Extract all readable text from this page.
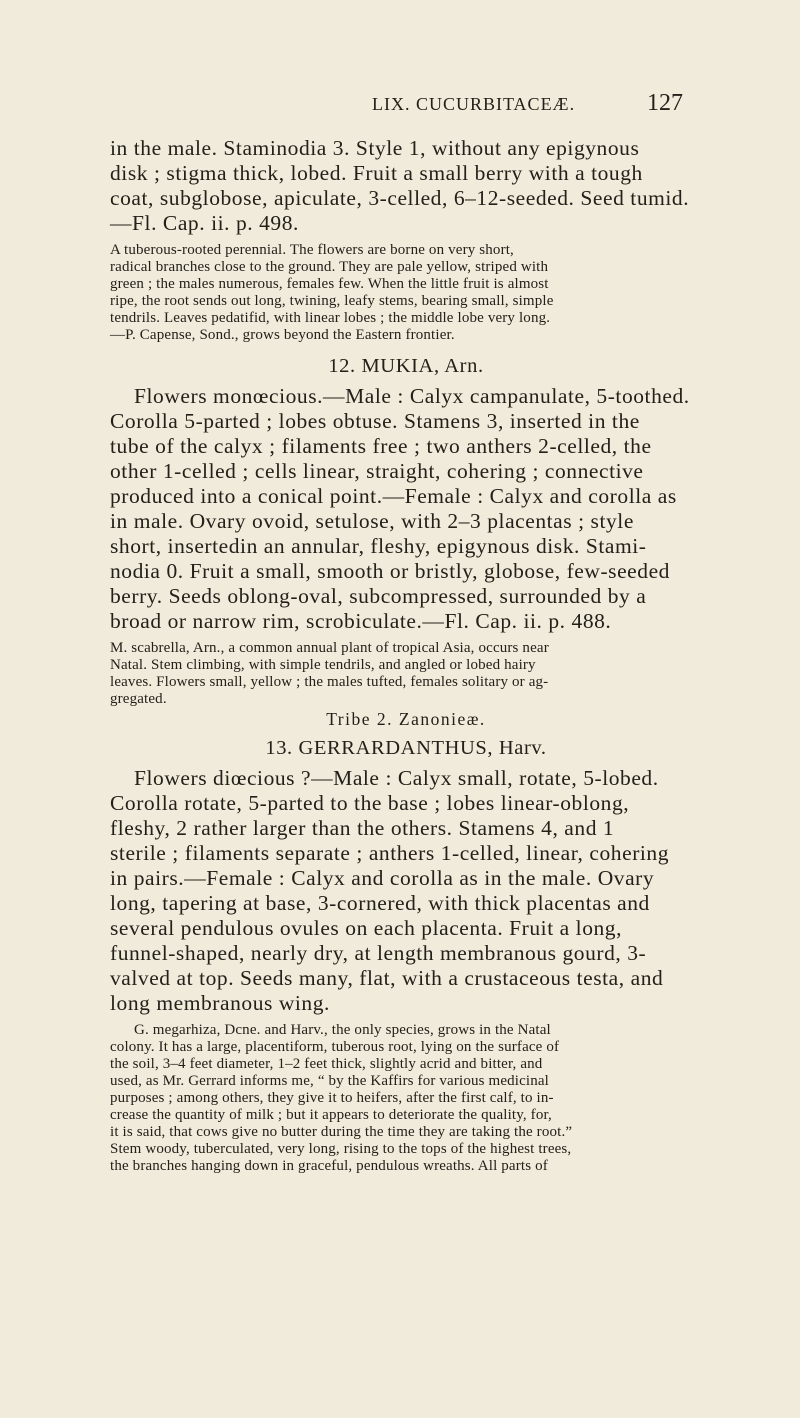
LIX. CUCURBITACEÆ.	127
in the male. Staminodia 3. Style 1, without any epigynous
disk ; stigma thick, lobed. Fruit a small berry with a tough
coat, subglobose, apiculate, 3-celled, 6–12-seeded. Seed tumid.
—Fl. Cap. ii. p. 498.
A tuberous-rooted perennial. The flowers are borne on very short,
radical branches close to the ground. They are pale yellow, striped with
green ; the males numerous, females few. When the little fruit is almost
ripe, the root sends out long, twining, leafy stems, bearing small, simple
tendrils. Leaves pedatifid, with linear lobes ; the middle lobe very long.
—P. Capense, Sond., grows beyond the Eastern frontier.
12. MUKIA, Arn.
Flowers monœcious.—Male : Calyx campanulate, 5-toothed.
Corolla 5-parted ; lobes obtuse. Stamens 3, inserted in the
tube of the calyx ; filaments free ; two anthers 2-celled, the
other 1-celled ; cells linear, straight, cohering ; connective
produced into a conical point.—Female : Calyx and corolla as
in male. Ovary ovoid, setulose, with 2–3 placentas ; style
short, insertedin an annular, fleshy, epigynous disk. Stami-
nodia 0. Fruit a small, smooth or bristly, globose, few-seeded
berry. Seeds oblong-oval, subcompressed, surrounded by a
broad or narrow rim, scrobiculate.—Fl. Cap. ii. p. 488.
M. scabrella, Arn., a common annual plant of tropical Asia, occurs near
Natal. Stem climbing, with simple tendrils, and angled or lobed hairy
leaves. Flowers small, yellow ; the males tufted, females solitary or ag-
gregated.
Tribe 2. Zanonieæ.
13. GERRARDANTHUS, Harv.
Flowers diœcious ?—Male : Calyx small, rotate, 5-lobed.
Corolla rotate, 5-parted to the base ; lobes linear-oblong,
fleshy, 2 rather larger than the others. Stamens 4, and 1
sterile ; filaments separate ; anthers 1-celled, linear, cohering
in pairs.—Female : Calyx and corolla as in the male. Ovary
long, tapering at base, 3-cornered, with thick placentas and
several pendulous ovules on each placenta. Fruit a long,
funnel-shaped, nearly dry, at length membranous gourd, 3-
valved at top. Seeds many, flat, with a crustaceous testa, and
long membranous wing.
G. megarhiza, Dcne. and Harv., the only species, grows in the Natal
colony. It has a large, placentiform, tuberous root, lying on the surface of
the soil, 3–4 feet diameter, 1–2 feet thick, slightly acrid and bitter, and
used, as Mr. Gerrard informs me, “ by the Kaffirs for various medicinal
purposes ; among others, they give it to heifers, after the first calf, to in-
crease the quantity of milk ; but it appears to deteriorate the quality, for,
it is said, that cows give no butter during the time they are taking the root.”
Stem woody, tuberculated, very long, rising to the tops of the highest trees,
the branches hanging down in graceful, pendulous wreaths. All parts of
